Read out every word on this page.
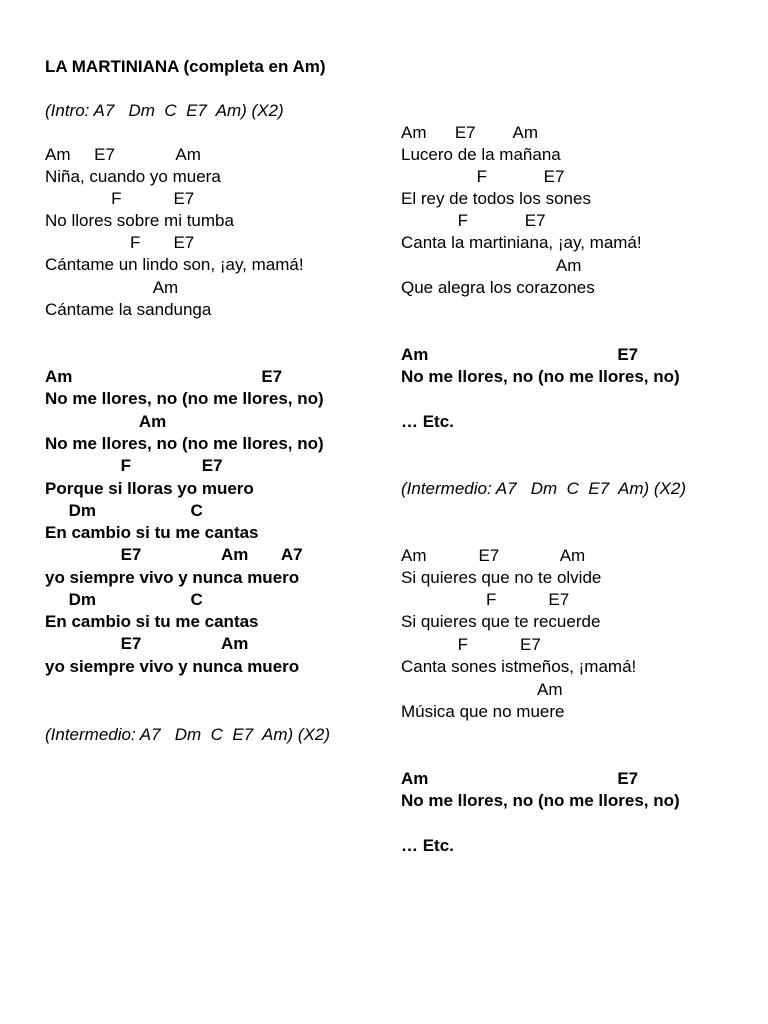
LA MARTINIANA (completa en Am)
(Intro: A7   Dm  C  E7  Am) (X2)
Am     E7             Am
Niña, cuando yo muera
F           E7
No llores sobre mi tumba
F       E7
Cántame un lindo son, ¡ay, mamá!
Am
Cántame la sandunga
Am                                        E7
No me llores, no (no me llores, no)
Am
No me llores, no (no me llores, no)
F               E7
Porque si lloras yo muero
Dm                    C
En cambio si tu me cantas
E7                 Am       A7
yo siempre vivo y nunca muero
Dm                    C
En cambio si tu me cantas
E7                 Am
yo siempre vivo y nunca muero
(Intermedio: A7   Dm  C  E7  Am) (X2)
Am      E7        Am
Lucero de la mañana
F            E7
El rey de todos los sones
F            E7
Canta la martiniana, ¡ay, mamá!
Am
Que alegra los corazones
Am                                        E7
No me llores, no (no me llores, no)
… Etc.
(Intermedio: A7   Dm  C  E7  Am) (X2)
Am           E7             Am
Si quieres que no te olvide
F           E7
Si quieres que te recuerde
F           E7
Canta sones istmeños, ¡mamá!
Am
Música que no muere
Am                                        E7
No me llores, no (no me llores, no)
… Etc.
